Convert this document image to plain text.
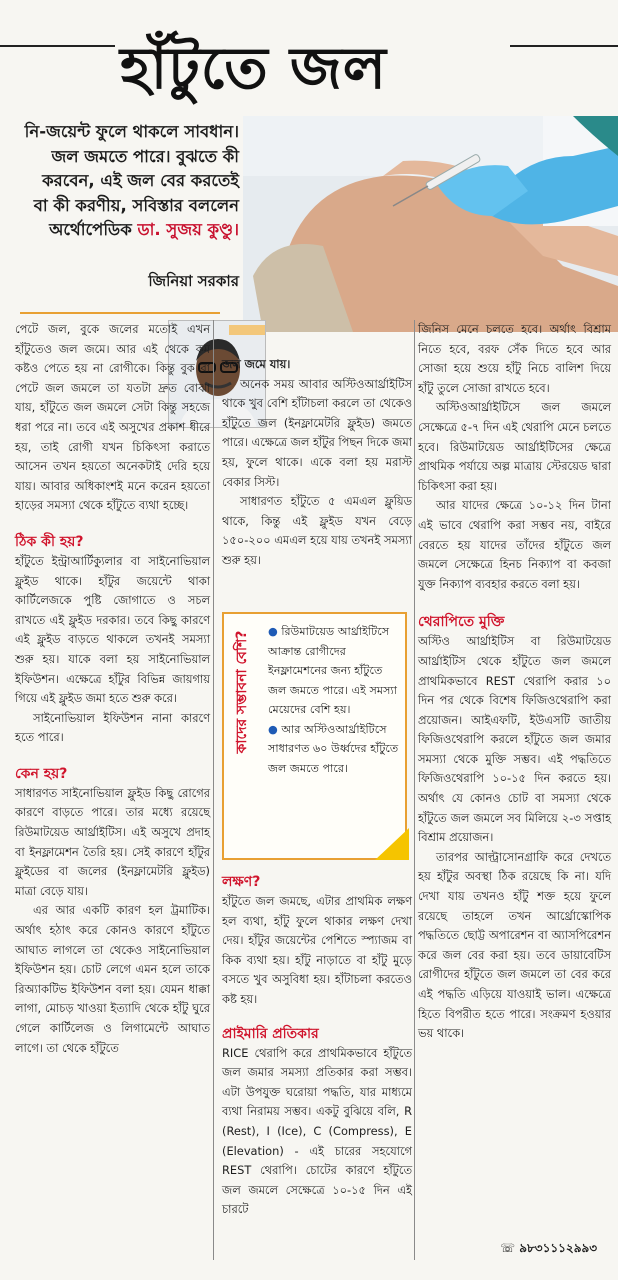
হাঁটুতে জল
নি-জয়েন্ট ফুলে থাকলে সাবধান। জল জমতে পারে। বুঝতে কী করবেন, এই জল বের করতেই বা কী করণীয়, সবিস্তার বললেন অর্থোপেডিক ডা. সুজয় কুণ্ডু।
জিনিয়া সরকার

পেটে জল, বুকে জলের মতোই এখন হাঁটুতেও জল জমে। আর এই থেকে কম কষ্টও পেতে হয় না রোগীকে। কিন্তু বুক বা পেটে জল জমলে তা যতটা দ্রুত বোঝা যায়, হাঁটুতে জল জমলে সেটা কিন্তু সহজে ধরা পরে না। তবে এই অসুখের প্রকাশ ধীরে হয়, তাই রোগী যখন চিকিৎসা করাতে আসেন তখন হয়তো অনেকটাই দেরি হয়ে যায়। আবার অধিকাংশই মনে করেন হয়তো হাড়ের সমস্যা থেকে হাঁটুতে ব্যথা হচ্ছে।

ঠিক কী হয়?

হাঁটুতে ইন্ট্রাআর্টিক্যুলার বা সাইনোভিয়াল ফ্লুইড থাকে। হাঁটুর জয়েন্টে থাকা কার্টিলেজকে পুষ্টি জোগাতে ও সচল রাখতে এই ফ্লুইড দরকার। তবে কিছু কারণে এই ফ্লুইড বাড়তে থাকলে তখনই সমস্যা শুরু হয়। যাকে বলা হয় সাইনোভিয়াল ইফিউশন। এক্ষেত্রে হাঁটুর বিভিন্ন জায়গায় গিয়ে এই ফ্লুইড জমা হতে শুরু করে।

সাইনোভিয়াল ইফিউশন নানা কারণে হতে পারে।

কেন হয়?

সাধারণত সাইনোভিয়াল ফ্লুইড কিছু রোগের কারণে বাড়তে পারে। তার মধ্যে রয়েছে রিউমাটয়েড আর্থ্রাইটিস। এই অসুখে প্রদাহ বা ইনফ্লামেশন তৈরি হয়। সেই কারণে হাঁটুর ফ্লুইডের বা জলের (ইনফ্লামেটরি ফ্লুইড) মাত্রা বেড়ে যায়।

এর আর একটি কারণ হল ট্রমাটিক। অর্থাৎ হঠাৎ করে কোনও কারণে হাঁটুতে আঘাত লাগলে তা থেকেও সাইনোভিয়াল ইফিউশন হয়। চোট লেগে এমন হলে তাকে রিঅ্যাকটিভ ইফিউশন বলা হয়। যেমন ধাক্কা লাগা, মোচড় খাওয়া ইত্যাদি থেকে হাঁটু ঘুরে গেলে কার্টিলেজ ও লিগামেন্টে আঘাত লাগে। তা থেকে হাঁটুতে

জল জমে যায়।

অনেক সময় আবার অস্টিওআর্থ্রাইটিস থাকে খুব বেশি হাঁটাচলা করলে তা থেকেও হাঁটুতে জল (ইনফ্লামেটরি ফ্লুইড) জমতে পারে। এক্ষেত্রে জল হাঁটুর পিছন দিকে জমা হয়, ফুলে থাকে। একে বলা হয় মরাস্ট বেকার সিস্ট।

সাধারণত হাঁটুতে ৫ এমএল ফ্লুয়িড থাকে, কিন্তু এই ফ্লুইড যখন বেড়ে ১৫০-২০০ এমএল হয়ে যায় তখনই সমস্যা শুরু হয়।

কাদের সম্ভাবনা বেশি?	● রিউমাটয়েড আর্থ্রাইটিসে আক্রান্ত রোগীদের ইনফ্লামেশনের জন্য হাঁটুতে জল জমতে পারে। এই সমস্যা মেয়েদের বেশি হয়।

● আর অস্টিওআর্থ্রাইটিসে সাধারণত ৬০ উর্ধ্বদের হাঁটুতে জল জমতে পারে।

লক্ষণ?

হাঁটুতে জল জমছে, এটার প্রাথমিক লক্ষণ হল ব্যথা, হাঁটু ফুলে থাকার লক্ষণ দেখা দেয়। হাঁটুর জয়েন্টের পেশিতে স্প্যাজম বা কিক ব্যথা হয়। হাঁটু নাড়াতে বা হাঁটু মুড়ে বসতে খুব অসুবিধা হয়। হাঁটাচলা করতেও কষ্ট হয়।

প্রাইমারি প্রতিকার

RICE থেরাপি করে প্রাথমিকভাবে হাঁটুতে জল জমার সমস্যা প্রতিকার করা সম্ভব। এটা উপযুক্ত ঘরোয়া পদ্ধতি, যার মাধ্যমে ব্যথা নিরাময় সম্ভব। একটু বুঝিয়ে বলি, R (Rest), I (Ice), C (Compress), E (Elevation) - এই চারের সহযোগে REST থেরাপি। চোটের কারণে হাঁটুতে জল জমলে সেক্ষেত্রে ১০-১৫ দিন এই চারটে

জিনিস মেনে চলতে হবে। অর্থাৎ বিশ্রাম নিতে হবে, বরফ সেঁক দিতে হবে আর সোজা হয়ে শুয়ে হাঁটু নিচে বালিশ দিয়ে হাঁটু তুলে সোজা রাখতে হবে।

অস্টিওআর্থ্রাইটিসে জল জমলে সেক্ষেত্রে ৫-৭ দিন এই থেরাপি মেনে চলতে হবে। রিউমাটয়েড আর্থ্রাইটিসের ক্ষেত্রে প্রাথমিক পর্যায়ে অল্প মাত্রায় স্টেরয়েড দ্বারা চিকিৎসা করা হয়।

আর যাদের ক্ষেত্রে ১০-১২ দিন টানা এই ভাবে থেরাপি করা সম্ভব নয়, বাইরে বেরতে হয় যাদের তাঁদের হাঁটুতে জল জমলে সেক্ষেত্রে হিনচ নিক্যাপ বা কবজা যুক্ত নিক্যাপ ব্যবহার করতে বলা হয়।

থেরাপিতে মুক্তি

অস্টিও আর্থ্রাইটিস বা রিউমাটয়েড আর্থ্রাইটিস থেকে হাঁটুতে জল জমলে প্রাথমিকভাবে REST থেরাপি করার ১০ দিন পর থেকে বিশেষ ফিজিওথেরাপি করা প্রয়োজন। আইএফটি, ইউএসটি জাতীয় ফিজিওথেরাপি করলে হাঁটুতে জল জমার সমস্যা থেকে মুক্তি সম্ভব। এই পদ্ধতিতে ফিজিওথেরাপি ১০-১৫ দিন করতে হয়। অর্থাৎ যে কোনও চোট বা সমস্যা থেকে হাঁটুতে জল জমলে সব মিলিয়ে ২-৩ সপ্তাহ বিশ্রাম প্রয়োজন।

তারপর আল্ট্রাসোনগ্রাফি করে দেখতে হয় হাঁটুর অবস্থা ঠিক রয়েছে কি না। যদি দেখা যায় তখনও হাঁটু শক্ত হয়ে ফুলে রয়েছে তাহলে তখন আর্থ্রোস্কোপিক পদ্ধতিতে ছোট্ট অপারেশন বা অ্যাসপিরেশন করে জল বের করা হয়। তবে ডায়াবেটিস রোগীদের হাঁটুতে জল জমলে তা বের করে এই পদ্ধতি এড়িয়ে যাওয়াই ভাল। এক্ষেত্রে হিতে বিপরীত হতে পারে। সংক্রমণ হওয়ার ভয় থাকে।

☏ ৯৮৩১১১২৯৯৩
